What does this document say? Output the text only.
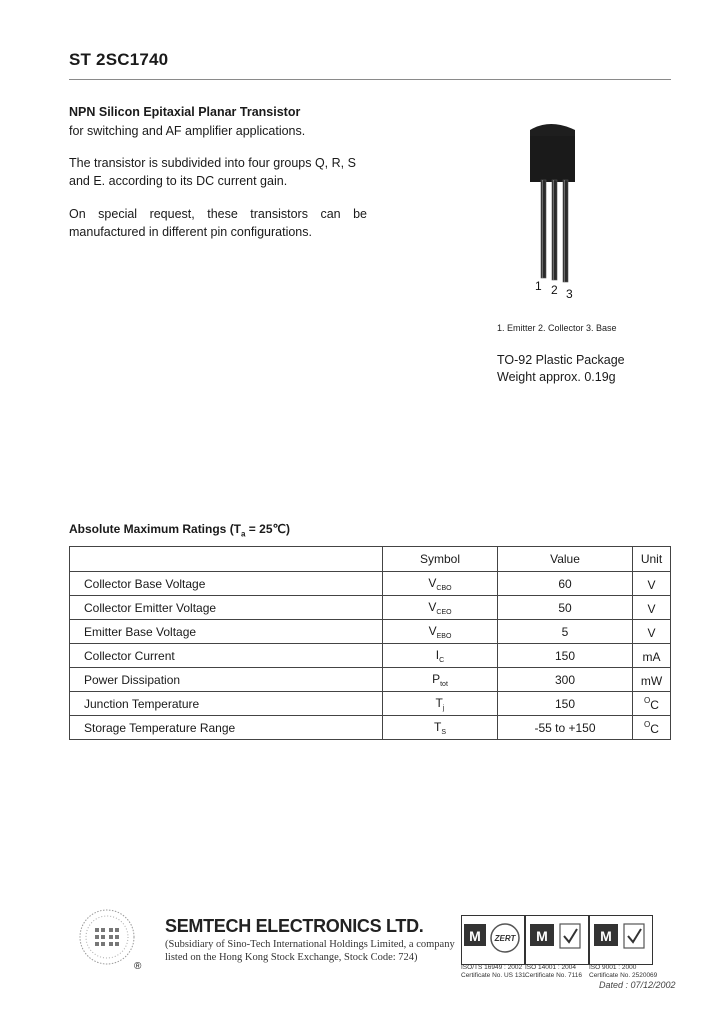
ST 2SC1740
NPN Silicon Epitaxial Planar Transistor
for switching and AF amplifier applications.
The transistor is subdivided into four groups Q, R, S and E. according to its DC current gain.
On special request, these transistors can be manufactured in different pin configurations.
1 2 3
1. Emitter 2. Collector 3. Base
TO-92 Plastic Package
Weight approx. 0.19g
Absolute Maximum Ratings ($T_a$ = 25℃)
	Symbol	Value	Unit
Collector Base Voltage	$V_{CBO}$	60	V
Collector Emitter Voltage	$V_{CEO}$	50	V
Emitter Base Voltage	$V_{EBO}$	5	V
Collector Current	$I_C$	150	mA
Power Dissipation	$P_{tot}$	300	mW
Junction Temperature	$T_j$	150	$^O$C
Storage Temperature Range	$T_S$	-55 to +150	$^O$C
®
SEMTECH ELECTRONICS LTD.
(Subsidiary of Sino-Tech International Holdings Limited, a company
listed on the Hong Kong Stock Exchange, Stock Code: 724)
M ZERT M	M
ISO/TS 16949 : 2002
Certificate No. US 131
ISO 14001 : 2004
Certificate No. 7116
ISO 9001 : 2000
Certificate No. 2520069
Dated : 07/12/2002
